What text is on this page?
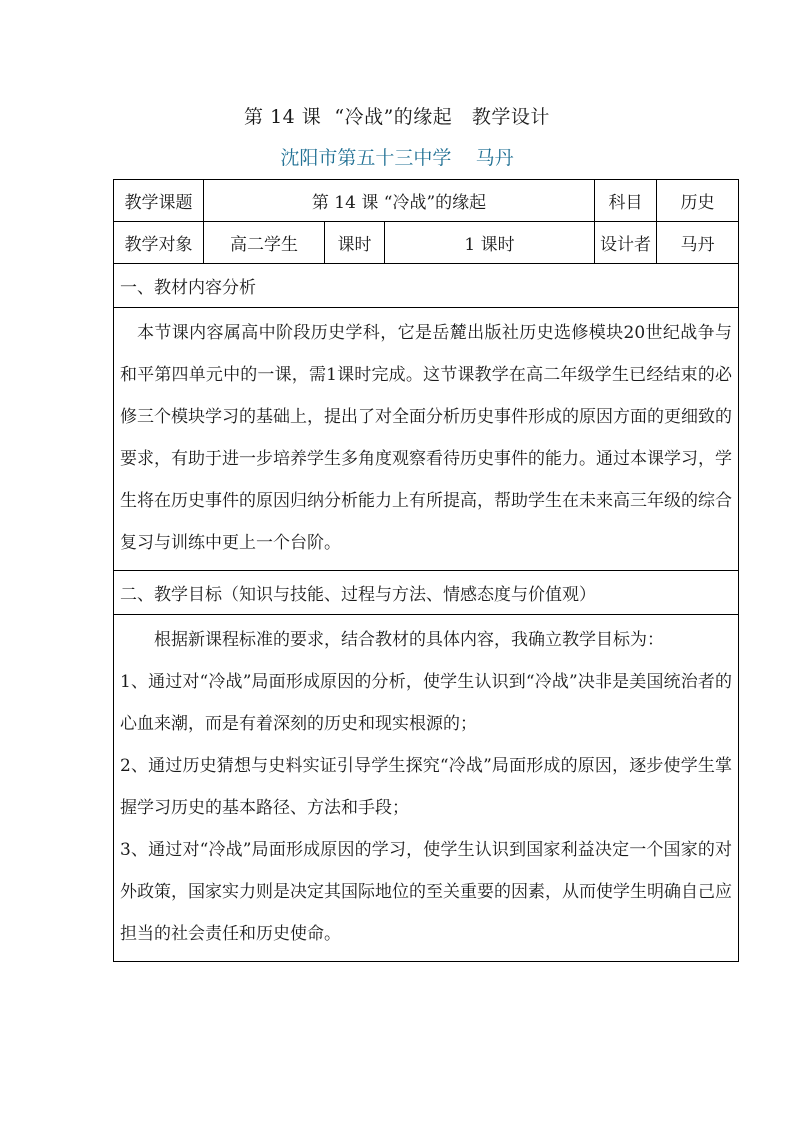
第 14 课  “冷战”的缘起   教学设计
沈阳市第五十三中学    马丹
教学课题	第 14 课 “冷战”的缘起			科目	历史
教学对象	高二学生	课时	1 课时	设计者	马丹
一、教材内容分析					

本节课内容属高中阶段历史学科，它是岳麓出版社历史选修模块20世纪战争与和平第四单元中的一课，需1课时完成。这节课教学在高二年级学生已经结束的必修三个模块学习的基础上，提出了对全面分析历史事件形成的原因方面的更细致的要求，有助于进一步培养学生多角度观察看待历史事件的能力。通过本课学习，学生将在历史事件的原因归纳分析能力上有所提高，帮助学生在未来高三年级的综合复习与训练中更上一个台阶。					

二、教学目标（知识与技能、过程与方法、情感态度与价值观）					

根据新课程标准的要求，结合教材的具体内容，我确立教学目标为：

1、通过对“冷战”局面形成原因的分析，使学生认识到“冷战”决非是美国统治者的心血来潮，而是有着深刻的历史和现实根源的；

2、通过历史猜想与史料实证引导学生探究“冷战”局面形成的原因，逐步使学生掌握学习历史的基本路径、方法和手段；

3、通过对“冷战”局面形成原因的学习，使学生认识到国家利益决定一个国家的对外政策，国家实力则是决定其国际地位的至关重要的因素，从而使学生明确自己应担当的社会责任和历史使命。					
